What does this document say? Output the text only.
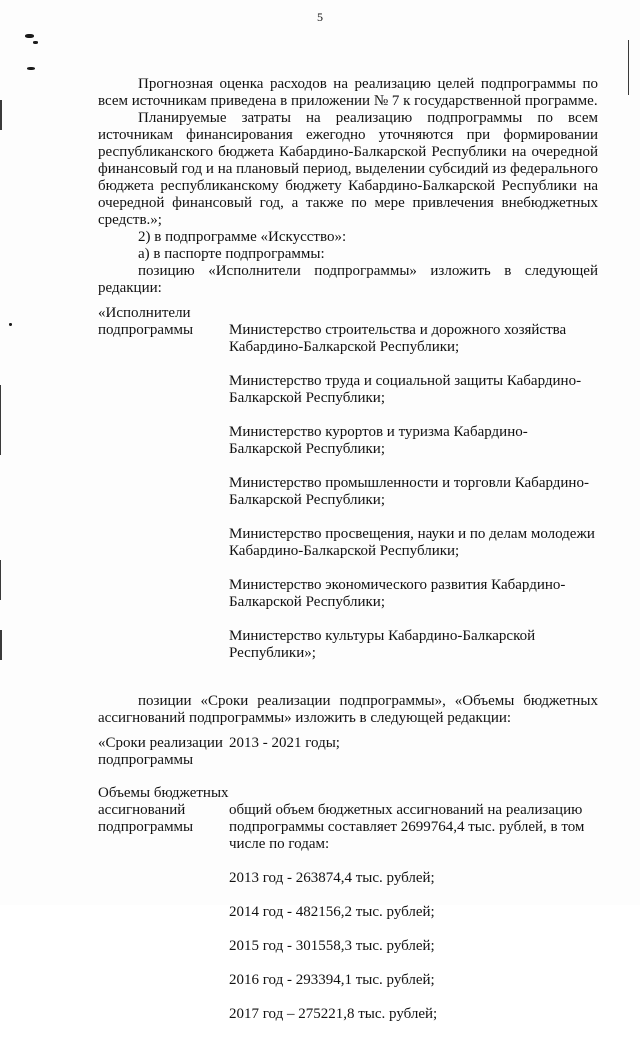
5

Прогнозная оценка расходов на реализацию целей подпрограммы по всем источникам приведена в приложении № 7 к государственной программе.

Планируемые затраты на реализацию подпрограммы по всем источникам финансирования ежегодно уточняются при формировании республиканского бюджета Кабардино-Балкарской Республики на очередной финансовый год и на плановый период, выделении субсидий из федерального бюджета республиканскому бюджету Кабардино-Балкарской Республики на очередной финансовый год, а также по мере привлечения внебюджетных средств.»;

2) в подпрограмме «Искусство»:

а) в паспорте подпрограммы:

позицию «Исполнители подпрограммы» изложить в следующей редакции:

«Исполнители подпрограммы	Министерство строительства и дорожного хозяйства Кабардино-Балкарской Республики;

Министерство труда и социальной защиты Кабардино-Балкарской Республики;

Министерство курортов и туризма Кабардино-Балкарской Республики;

Министерство промышленности и торговли Кабардино-Балкарской Республики;

Министерство просвещения, науки и по делам молодежи Кабардино-Балкарской Республики;

Министерство экономического развития Кабардино-Балкарской Республики;

Министерство культуры Кабардино-Балкарской Республики»;

позиции «Сроки реализации подпрограммы», «Объемы бюджетных ассигнований подпрограммы» изложить в следующей редакции:

«Сроки реализации подпрограммы
2013 - 2021 годы;
Объемы бюджетных ассигнований подпрограммы

общий объем бюджетных ассигнований на реализацию подпрограммы составляет 2699764,4 тыс. рублей, в том числе по годам:

2013 год - 263874,4 тыс. рублей;

2014 год - 482156,2 тыс. рублей;

2015 год - 301558,3 тыс. рублей;

2016 год - 293394,1 тыс. рублей;

2017 год – 275221,8 тыс. рублей;
